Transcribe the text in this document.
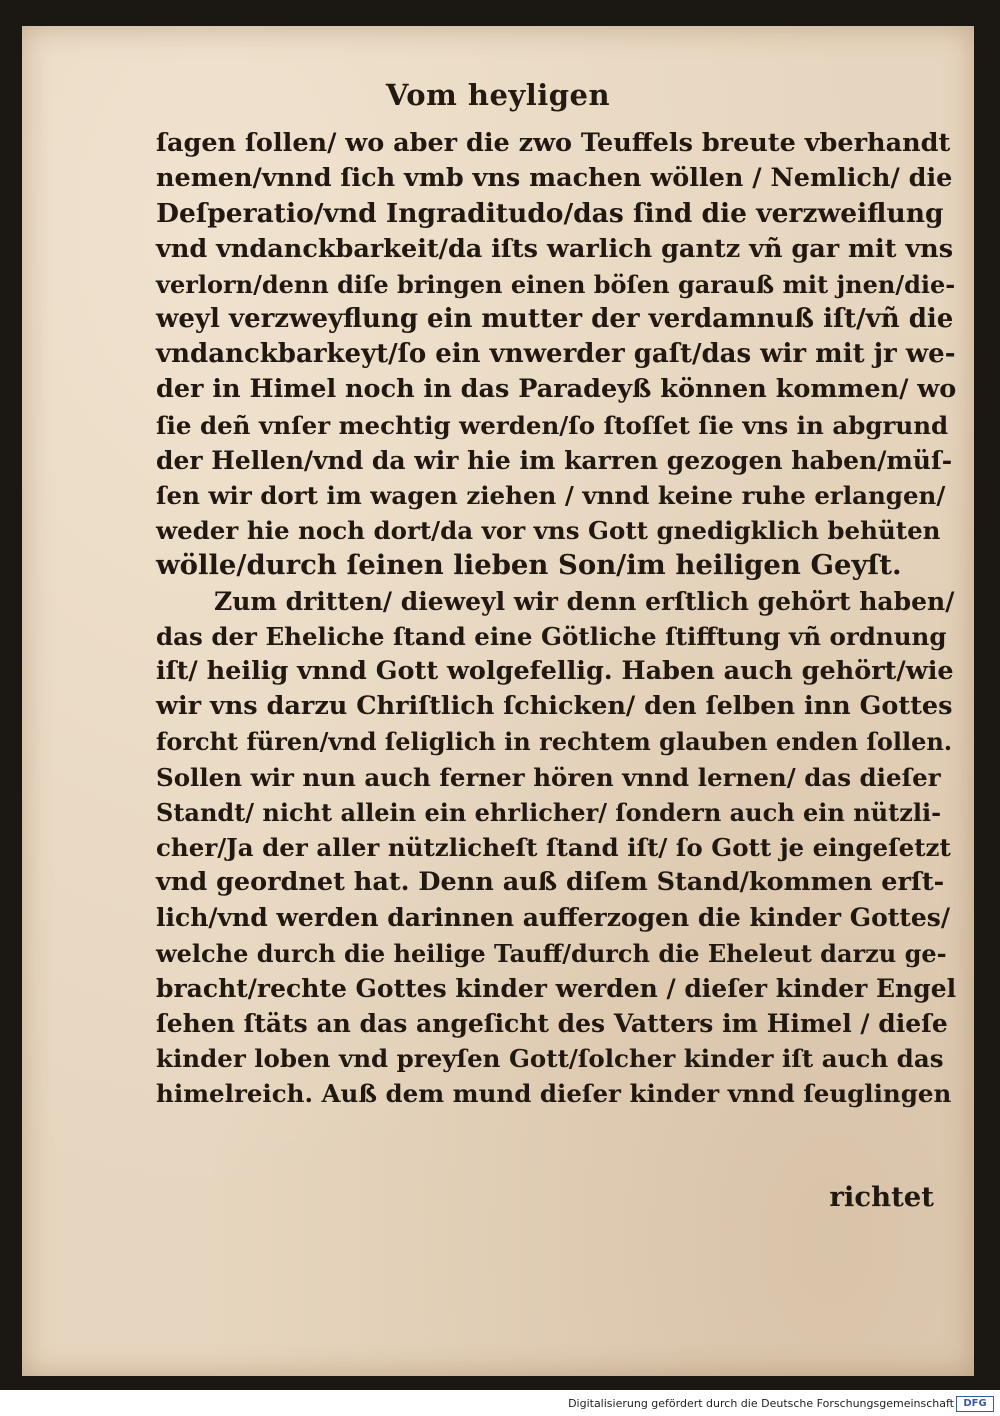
Vom heyligen
ſagen ſollen/ wo aber die zwo Teuffels breute vberhandt
nemen/vnnd ſich vmb vns machen wöllen / Nemlich/ die
Deſperatio/vnd Ingraditudo/das ſind die verzweiflung
vnd vndanckbarkeit/da iſts warlich gantz vñ gar mit vns
verlorn/denn diſe bringen einen böſen garauß mit jnen/die-
weyl verzweyflung ein mutter der verdamnuß iſt/vñ die
vndanckbarkeyt/ſo ein vnwerder gaſt/das wir mit jr we-
der in Himel noch in das Paradeyß können kommen/ wo
ſie deñ vnſer mechtig werden/ſo ſtoſſet ſie vns in abgrund
der Hellen/vnd da wir hie im karren gezogen haben/müſ-
ſen wir dort im wagen ziehen / vnnd keine ruhe erlangen/
weder hie noch dort/da vor vns Gott gnedigklich behüten
wölle/durch ſeinen lieben Son/im heiligen Geyſt.
Zum dritten/ dieweyl wir denn erſtlich gehört haben/
das der Eheliche ſtand eine Götliche ſtifftung vñ ordnung
iſt/ heilig vnnd Gott wolgefellig. Haben auch gehört/wie
wir vns darzu Chriſtlich ſchicken/ den ſelben inn Gottes
forcht füren/vnd ſeliglich in rechtem glauben enden ſollen.
Sollen wir nun auch ferner hören vnnd lernen/ das dieſer
Standt/ nicht allein ein ehrlicher/ ſondern auch ein nützli-
cher/Ja der aller nützlicheſt ſtand iſt/ ſo Gott je eingeſetzt
vnd geordnet hat. Denn auß diſem Stand/kommen erſt-
lich/vnd werden darinnen aufferzogen die kinder Gottes/
welche durch die heilige Tauff/durch die Eheleut darzu ge-
bracht/rechte Gottes kinder werden / dieſer kinder Engel
ſehen ſtäts an das angeſicht des Vatters im Himel / dieſe
kinder loben vnd preyſen Gott/ſolcher kinder iſt auch das
himelreich. Auß dem mund dieſer kinder vnnd ſeuglingen
richtet
Digitalisierung gefördert durch die Deutsche Forschungsgemeinschaft DFG
